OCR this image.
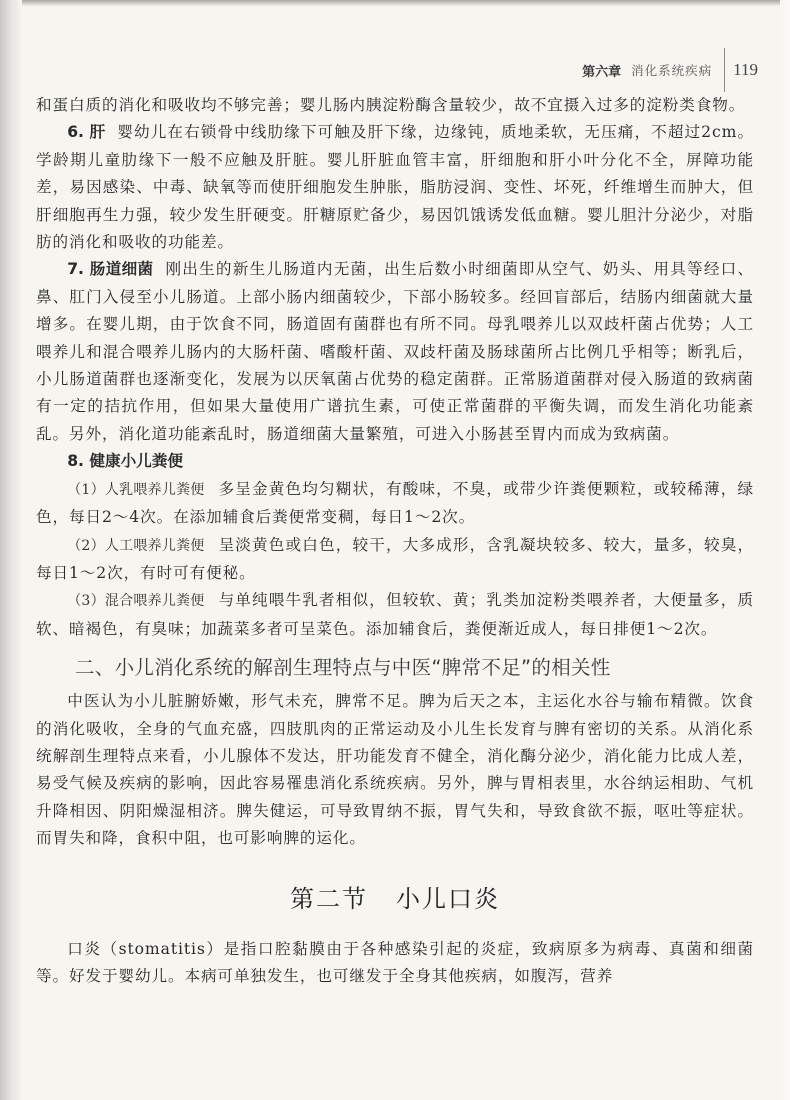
第六章 消化系统疾病 119

和蛋白质的消化和吸收均不够完善；婴儿肠内胰淀粉酶含量较少，故不宜摄入过多的淀粉类食物。

6. 肝 婴幼儿在右锁骨中线肋缘下可触及肝下缘，边缘钝，质地柔软，无压痛，不超过2cm。学龄期儿童肋缘下一般不应触及肝脏。婴儿肝脏血管丰富，肝细胞和肝小叶分化不全，屏障功能差，易因感染、中毒、缺氧等而使肝细胞发生肿胀，脂肪浸润、变性、坏死，纤维增生而肿大，但肝细胞再生力强，较少发生肝硬变。肝糖原贮备少，易因饥饿诱发低血糖。婴儿胆汁分泌少，对脂肪的消化和吸收的功能差。

7. 肠道细菌 刚出生的新生儿肠道内无菌，出生后数小时细菌即从空气、奶头、用具等经口、鼻、肛门入侵至小儿肠道。上部小肠内细菌较少，下部小肠较多。经回盲部后，结肠内细菌就大量增多。在婴儿期，由于饮食不同，肠道固有菌群也有所不同。母乳喂养儿以双歧杆菌占优势；人工喂养儿和混合喂养儿肠内的大肠杆菌、嗜酸杆菌、双歧杆菌及肠球菌所占比例几乎相等；断乳后，小儿肠道菌群也逐渐变化，发展为以厌氧菌占优势的稳定菌群。正常肠道菌群对侵入肠道的致病菌有一定的拮抗作用，但如果大量使用广谱抗生素，可使正常菌群的平衡失调，而发生消化功能紊乱。另外，消化道功能紊乱时，肠道细菌大量繁殖，可进入小肠甚至胃内而成为致病菌。

8. 健康小儿粪便

（1）人乳喂养儿粪便 多呈金黄色均匀糊状，有酸味，不臭，或带少许粪便颗粒，或较稀薄，绿色，每日2～4次。在添加辅食后粪便常变稠，每日1～2次。

（2）人工喂养儿粪便 呈淡黄色或白色，较干，大多成形，含乳凝块较多、较大，量多，较臭，每日1～2次，有时可有便秘。

（3）混合喂养儿粪便 与单纯喂牛乳者相似，但较软、黄；乳类加淀粉类喂养者，大便量多，质软、暗褐色，有臭味；加蔬菜多者可呈菜色。添加辅食后，粪便渐近成人，每日排便1～2次。

二、小儿消化系统的解剖生理特点与中医“脾常不足”的相关性

中医认为小儿脏腑娇嫩，形气未充，脾常不足。脾为后天之本，主运化水谷与输布精微。饮食的消化吸收，全身的气血充盛，四肢肌肉的正常运动及小儿生长发育与脾有密切的关系。从消化系统解剖生理特点来看，小儿腺体不发达，肝功能发育不健全，消化酶分泌少，消化能力比成人差，易受气候及疾病的影响，因此容易罹患消化系统疾病。另外，脾与胃相表里，水谷纳运相助、气机升降相因、阴阳燥湿相济。脾失健运，可导致胃纳不振，胃气失和，导致食欲不振，呕吐等症状。而胃失和降，食积中阻，也可影响脾的运化。

第二节 小儿口炎

口炎（stomatitis）是指口腔黏膜由于各种感染引起的炎症，致病原多为病毒、真菌和细菌等。好发于婴幼儿。本病可单独发生，也可继发于全身其他疾病，如腹泻，营养
